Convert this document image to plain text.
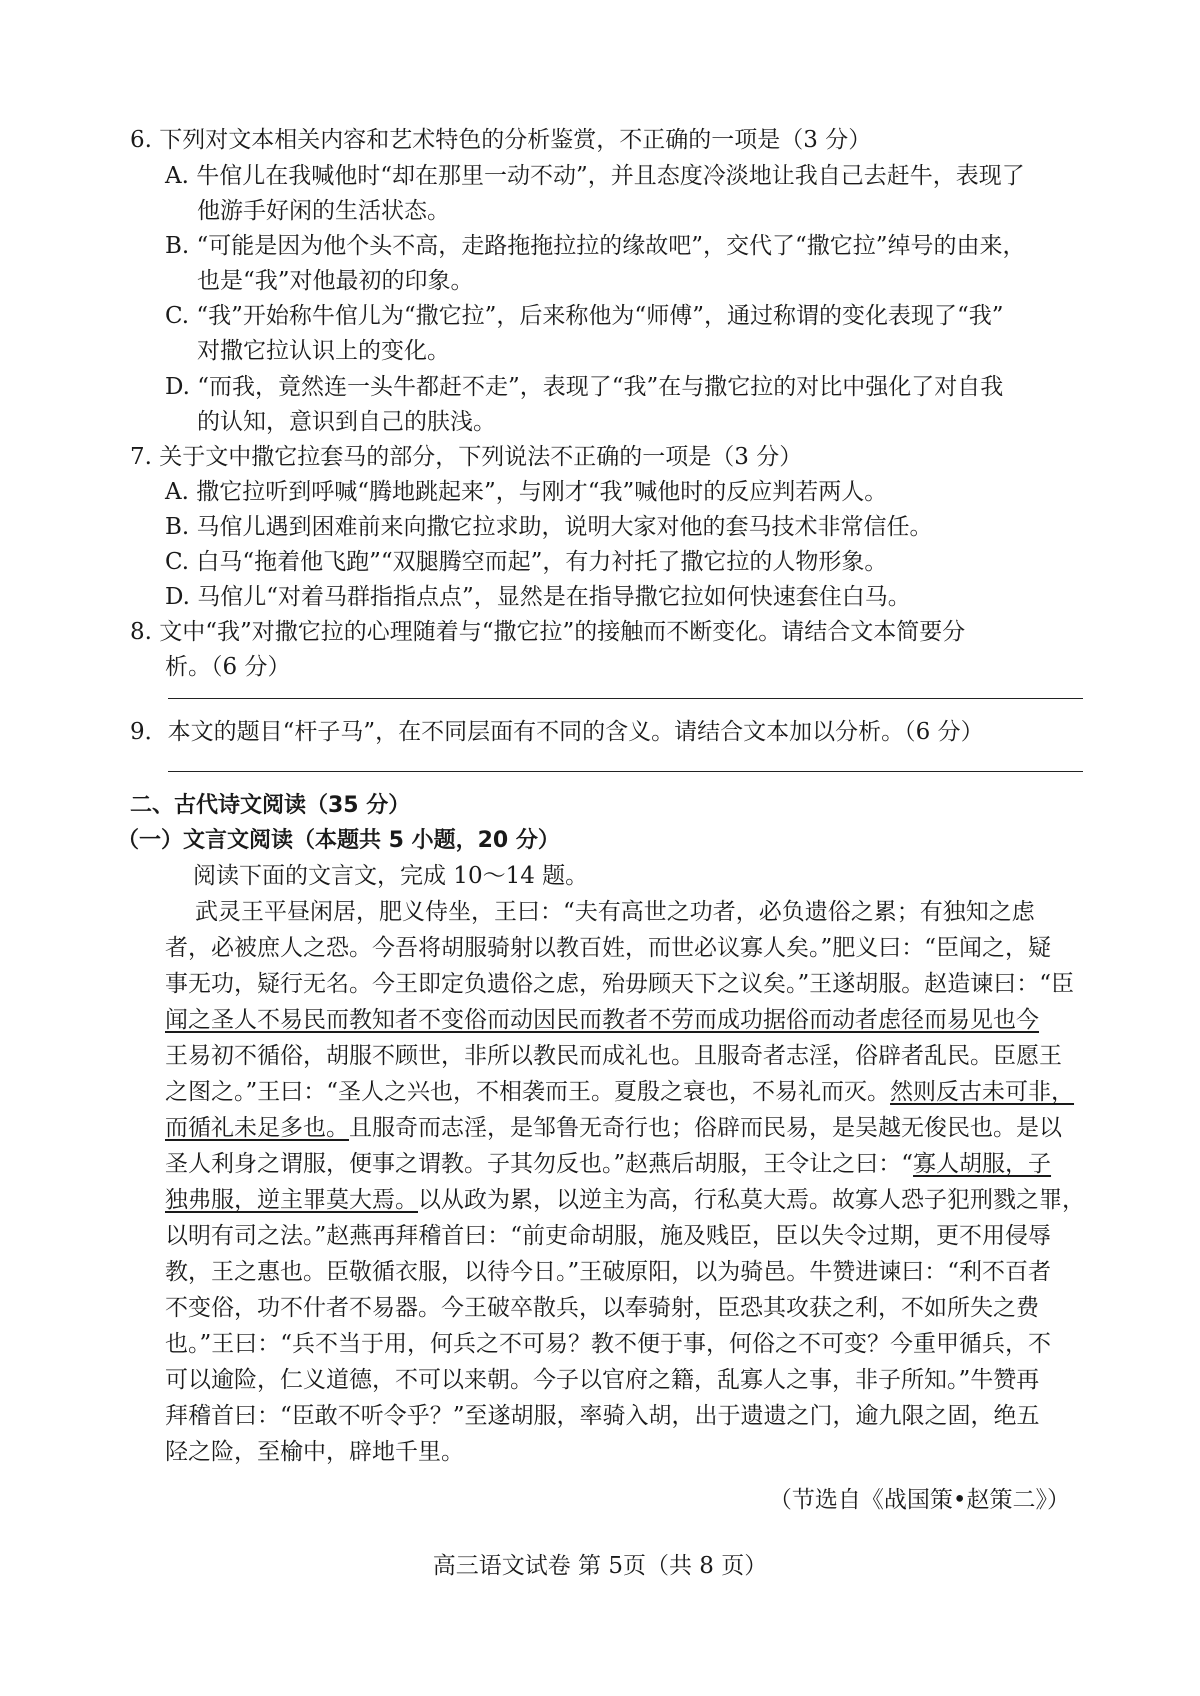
6. 下列对文本相关内容和艺术特色的分析鉴赏，不正确的一项是（3 分）
A. 牛倌儿在我喊他时“却在那里一动不动”，并且态度冷淡地让我自己去赶牛，表现了
他游手好闲的生活状态。
B. “可能是因为他个头不高，走路拖拖拉拉的缘故吧”，交代了“撒它拉”绰号的由来，
也是“我”对他最初的印象。
C. “我”开始称牛倌儿为“撒它拉”，后来称他为“师傅”，通过称谓的变化表现了“我”
对撒它拉认识上的变化。
D. “而我，竟然连一头牛都赶不走”，表现了“我”在与撒它拉的对比中强化了对自我
的认知，意识到自己的肤浅。
7. 关于文中撒它拉套马的部分，下列说法不正确的一项是（3 分）
A. 撒它拉听到呼喊“腾地跳起来”，与刚才“我”喊他时的反应判若两人。
B. 马倌儿遇到困难前来向撒它拉求助，说明大家对他的套马技术非常信任。
C. 白马“拖着他飞跑”“双腿腾空而起”，有力衬托了撒它拉的人物形象。
D. 马倌儿“对着马群指指点点”，显然是在指导撒它拉如何快速套住白马。
8. 文中“我”对撒它拉的心理随着与“撒它拉”的接触而不断变化。请结合文本简要分
析。（6 分）
9．本文的题目“杆子马”，在不同层面有不同的含义。请结合文本加以分析。（6 分）
二、古代诗文阅读（35 分）
（一）文言文阅读（本题共 5 小题，20 分）
阅读下面的文言文，完成 10～14 题。
武灵王平昼闲居，肥义侍坐，王曰：“夫有高世之功者，必负遗俗之累；有独知之虑
者，必被庶人之恐。今吾将胡服骑射以教百姓，而世必议寡人矣。”肥义曰：“臣闻之，疑
事无功，疑行无名。今王即定负遗俗之虑，殆毋顾天下之议矣。”王遂胡服。赵造谏曰：“臣
闻之圣人不易民而教知者不变俗而动因民而教者不劳而成功据俗而动者虑径而易见也今
王易初不循俗，胡服不顾世，非所以教民而成礼也。且服奇者志淫，俗辟者乱民。臣愿王
之图之。”王曰：“圣人之兴也，不相袭而王。夏殷之衰也，不易礼而灭。然则反古未可非，
而循礼未足多也。且服奇而志淫，是邹鲁无奇行也；俗辟而民易，是吴越无俊民也。是以
圣人利身之谓服，便事之谓教。子其勿反也。”赵燕后胡服，王令让之曰：“寡人胡服，子
独弗服，逆主罪莫大焉。以从政为累，以逆主为高，行私莫大焉。故寡人恐子犯刑戮之罪，
以明有司之法。”赵燕再拜稽首曰：“前吏命胡服，施及贱臣，臣以失令过期，更不用侵辱
教，王之惠也。臣敬循衣服，以待今日。”王破原阳，以为骑邑。牛赞进谏曰：“利不百者
不变俗，功不什者不易器。今王破卒散兵，以奉骑射，臣恐其攻获之利，不如所失之费
也。”王曰：“兵不当于用，何兵之不可易？教不便于事，何俗之不可变？今重甲循兵，不
可以逾险，仁义道德，不可以来朝。今子以官府之籍，乱寡人之事，非子所知。”牛赞再
拜稽首曰：“臣敢不听令乎？”至遂胡服，率骑入胡，出于遗遗之门，逾九限之固，绝五
陉之险，至榆中，辟地千里。
（节选自《战国策•赵策二》）
高三语文试卷 第 5页（共 8 页）
